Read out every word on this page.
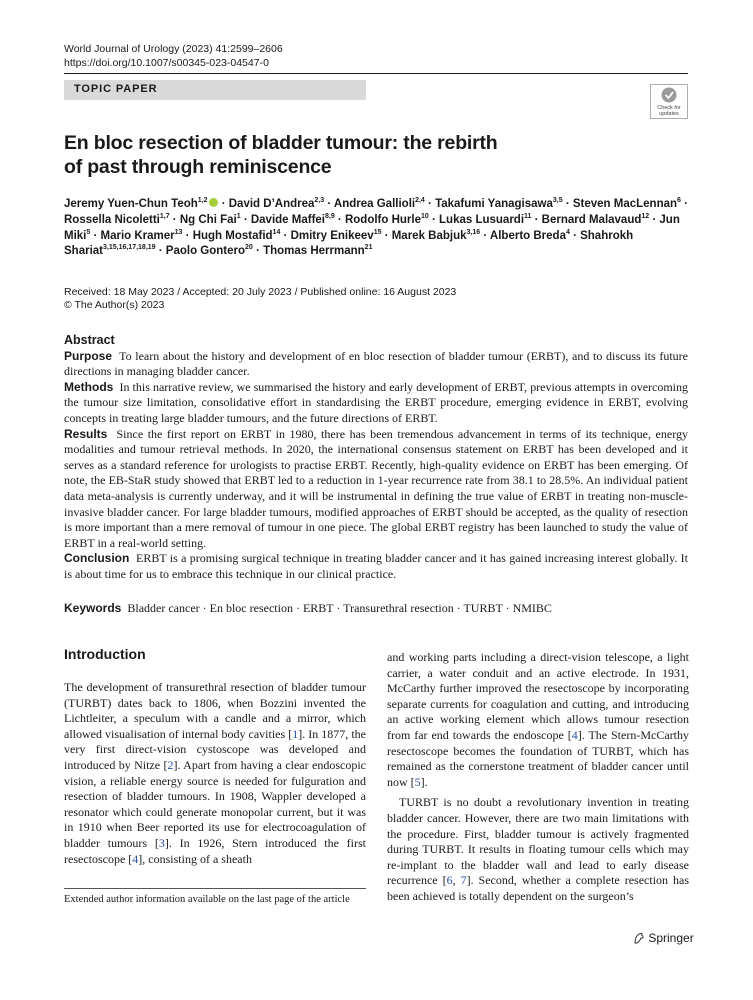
World Journal of Urology (2023) 41:2599–2606
https://doi.org/10.1007/s00345-023-04547-0
TOPIC PAPER
Check for
updates
En bloc resection of bladder tumour: the rebirth
of past through reminiscence
Jeremy Yuen-Chun Teoh$^{1,2}$ · David D’Andrea$^{2,3}$ · Andrea Gallioli$^{2,4}$ · Takafumi Yanagisawa$^{3,5}$ · Steven MacLennan$^6$ · Rossella Nicoletti$^{1,7}$ · Ng Chi Fai$^1$ · Davide Maffei$^{8,9}$ · Rodolfo Hurle$^{10}$ · Lukas Lusuardi$^{11}$ · Bernard Malavaud$^{12}$ · Jun Miki$^5$ · Mario Kramer$^{13}$ · Hugh Mostafid$^{14}$ · Dmitry Enikeev$^{15}$ · Marek Babjuk$^{3,16}$ · Alberto Breda$^4$ · Shahrokh Shariat$^{3,15,16,17,18,19}$ · Paolo Gontero$^{20}$ · Thomas Herrmann$^{21}$
Received: 18 May 2023 / Accepted: 20 July 2023 / Published online: 16 August 2023
© The Author(s) 2023

Abstract

Purpose To learn about the history and development of en bloc resection of bladder tumour (ERBT), and to discuss its future directions in managing bladder cancer.

Methods In this narrative review, we summarised the history and early development of ERBT, previous attempts in overcoming the tumour size limitation, consolidative effort in standardising the ERBT procedure, emerging evidence in ERBT, evolving concepts in treating large bladder tumours, and the future directions of ERBT.

Results Since the first report on ERBT in 1980, there has been tremendous advancement in terms of its technique, energy modalities and tumour retrieval methods. In 2020, the international consensus statement on ERBT has been developed and it serves as a standard reference for urologists to practise ERBT. Recently, high-quality evidence on ERBT has been emerging. Of note, the EB-StaR study showed that ERBT led to a reduction in 1-year recurrence rate from 38.1 to 28.5%. An individual patient data meta-analysis is currently underway, and it will be instrumental in defining the true value of ERBT in treating non-muscle-invasive bladder cancer. For large bladder tumours, modified approaches of ERBT should be accepted, as the quality of resection is more important than a mere removal of tumour in one piece. The global ERBT registry has been launched to study the value of ERBT in a real-world setting.

Conclusion ERBT is a promising surgical technique in treating bladder cancer and it has gained increasing interest globally. It is about time for us to embrace this technique in our clinical practice.

Keywords Bladder cancer · En bloc resection · ERBT · Transurethral resection · TURBT · NMIBC
Introduction

The development of transurethral resection of bladder tumour (TURBT) dates back to 1806, when Bozzini invented the Lichtleiter, a speculum with a candle and a mirror, which allowed visualisation of internal body cavities [1]. In 1877, the very first direct-vision cystoscope was developed and introduced by Nitze [2]. Apart from having a clear endoscopic vision, a reliable energy source is needed for fulguration and resection of bladder tumours. In 1908, Wappler developed a resonator which could generate monopolar current, but it was in 1910 when Beer reported its use for electrocoagulation of bladder tumours [3]. In 1926, Stern introduced the first resectoscope [4], consisting of a sheath

and working parts including a direct-vision telescope, a light carrier, a water conduit and an active electrode. In 1931, McCarthy further improved the resectoscope by incorporating separate currents for coagulation and cutting, and introducing an active working element which allows tumour resection from far end towards the endoscope [4]. The Stern-McCarthy resectoscope becomes the foundation of TURBT, which has remained as the cornerstone treatment of bladder cancer until now [5].

TURBT is no doubt a revolutionary invention in treating bladder cancer. However, there are two main limitations with the procedure. First, bladder tumour is actively fragmented during TURBT. It results in floating tumour cells which may re-implant to the bladder wall and lead to early disease recurrence [6, 7]. Second, whether a complete resection has been achieved is totally dependent on the surgeon’s

Extended author information available on the last page of the article
Springer
